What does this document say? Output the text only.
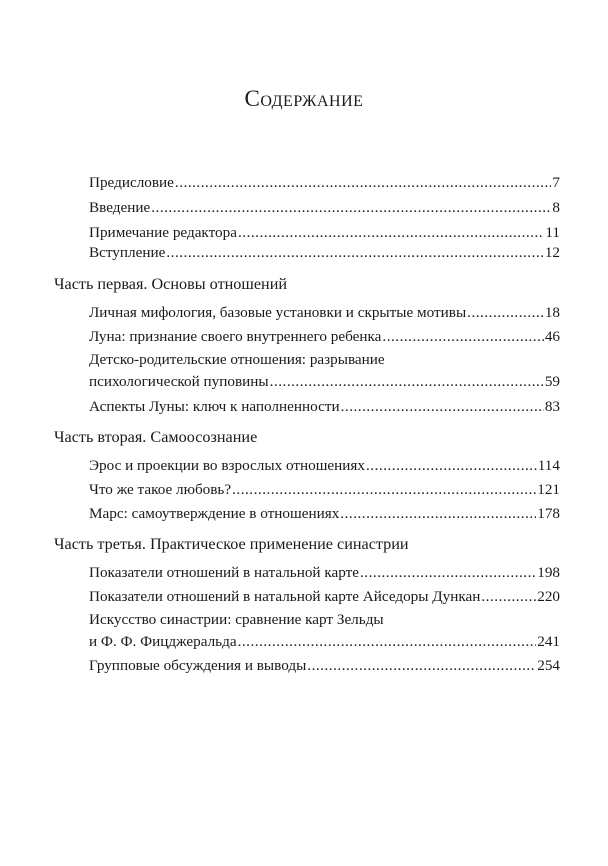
Содержание
Предисловие .....	7
Введение .....	8
Примечание редактора .....	11
Вступление .....	12
Часть первая. Основы отношений
Личная мифология, базовые установки и скрытые мотивы .....	18
Луна: признание своего внутреннего ребенка .....	46
Детско-родительские отношения: разрывание
психологической пуповины .....	59
Аспекты Луны: ключ к наполненности .....	83
Часть вторая. Самоосознание
Эрос и проекции во взрослых отношениях .....	114
Что же такое любовь? .....	121
Марс: самоутверждение в отношениях .....	178
Часть третья. Практическое применение синастрии
Показатели отношений в натальной карте .....	198
Показатели отношений в натальной карте Айседоры Дункан .....	220
Искусство синастрии: сравнение карт Зельды
и Ф. Ф. Фицджеральда .....	241
Групповые обсуждения и выводы .....	254
